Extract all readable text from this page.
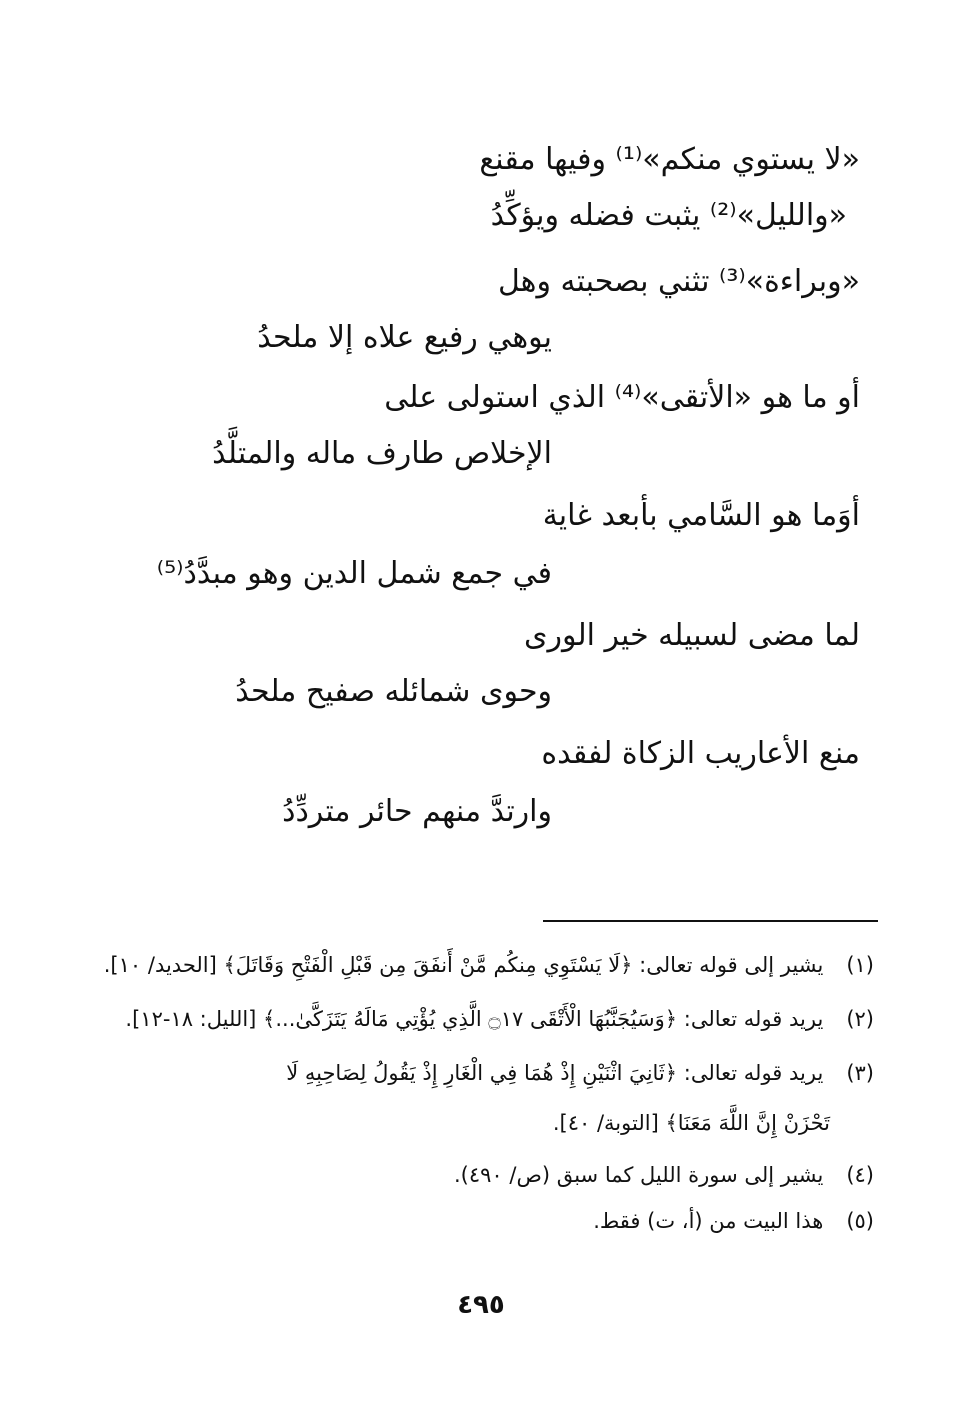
«لا يستوي منكم»⁽¹⁾ وفيها مقنع
«والليل»⁽²⁾ يثبت فضله ويؤكِّدُ
«وبراءة»⁽³⁾ تثني بصحبته وهل
يوهي رفيع علاه إلا ملحدُ
أو ما هو «الأتقى»⁽⁴⁾ الذي استولى على
الإخلاص طارف ماله والمتلَّدُ
أوَما هو السَّامي بأبعد غاية
في جمع شمل الدين وهو مبدَّدُ⁽⁵⁾
لما مضى لسبيله خير الورى
وحوى شمائله صفيح ملحدُ
منع الأعاريب الزكاة لفقده
وارتدَّ منهم حائر متردِّدُ
(١) يشير إلى قوله تعالى: ﴿لَا يَسْتَوِي مِنكُم مَّنْ أَنفَقَ مِن قَبْلِ الْفَتْحِ وَقَاتَلَ﴾ [الحديد/ ١٠].
(٢) يريد قوله تعالى: ﴿وَسَيُجَنَّبُهَا الْأَتْقَى ۝١٧ الَّذِي يُؤْتِي مَالَهُ يَتَزَكَّىٰ...﴾ [الليل: ١٨-١٢].
(٣) يريد قوله تعالى: ﴿ثَانِيَ اثْنَيْنِ إِذْ هُمَا فِي الْغَارِ إِذْ يَقُولُ لِصَاحِبِهِ لَا
تَحْزَنْ إِنَّ اللَّهَ مَعَنَا﴾ [التوبة/ ٤٠].
(٤) يشير إلى سورة الليل كما سبق (ص/ ٤٩٠).
(٥) هذا البيت من (أ، ت) فقط.
٤٩٥
